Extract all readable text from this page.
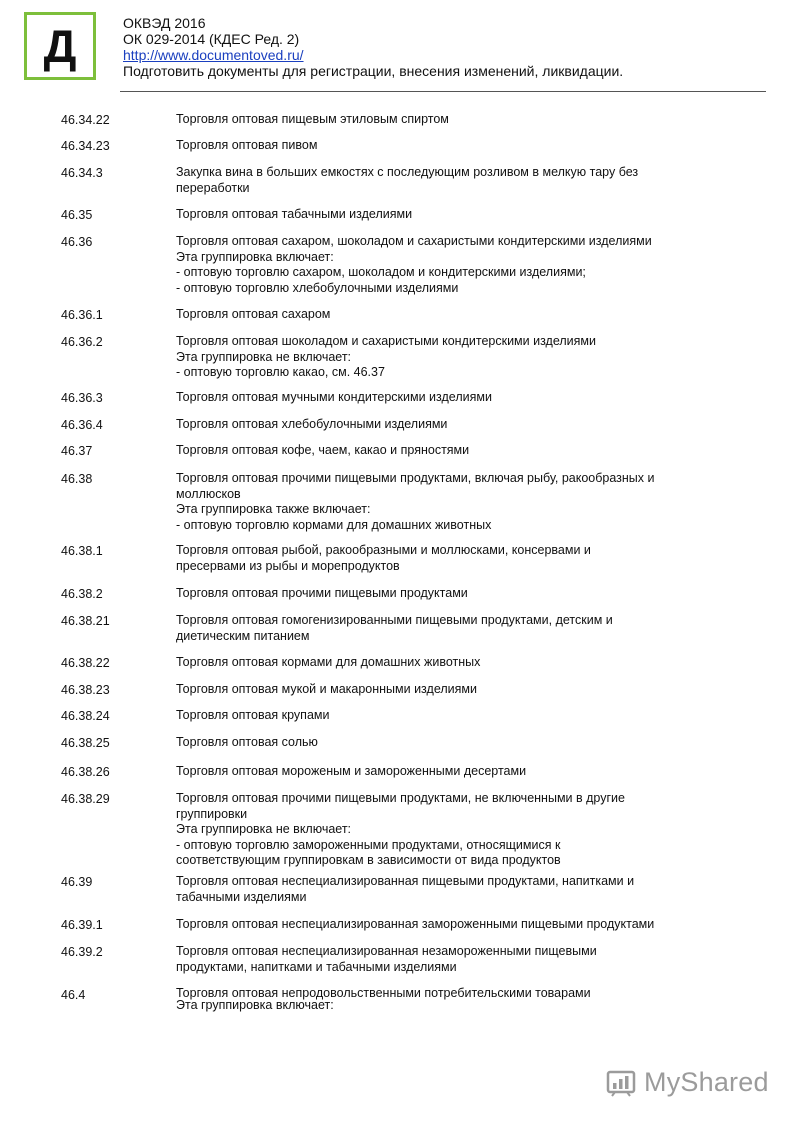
Д	ОКВЭД 2016
ОК 029-2014 (КДЕС Ред. 2)
http://www.documentoved.ru/
Подготовить документы для регистрации, внесения изменений, ликвидации.
46.34.22	Торговля оптовая пищевым этиловым спиртом
46.34.23	Торговля оптовая пивом
46.34.3	Закупка вина в больших емкостях с последующим розливом в мелкую тару без
переработки
46.35	Торговля оптовая табачными изделиями
46.36	Торговля оптовая сахаром, шоколадом и сахаристыми кондитерскими изделиями
Эта группировка включает:
- оптовую торговлю сахаром, шоколадом и кондитерскими изделиями;
- оптовую торговлю хлебобулочными изделиями
46.36.1	Торговля оптовая сахаром
46.36.2	Торговля оптовая шоколадом и сахаристыми кондитерскими изделиями
Эта группировка не включает:
- оптовую торговлю какао, см. 46.37
46.36.3	Торговля оптовая мучными кондитерскими изделиями
46.36.4	Торговля оптовая хлебобулочными изделиями
46.37	Торговля оптовая кофе, чаем, какао и пряностями
46.38	Торговля оптовая прочими пищевыми продуктами, включая рыбу, ракообразных и
моллюсков
Эта группировка также включает:
- оптовую торговлю кормами для домашних животных
46.38.1	Торговля оптовая рыбой, ракообразными и моллюсками, консервами и
пресервами из рыбы и морепродуктов
46.38.2	Торговля оптовая прочими пищевыми продуктами
46.38.21	Торговля оптовая гомогенизированными пищевыми продуктами, детским и
диетическим питанием
46.38.22	Торговля оптовая кормами для домашних животных
46.38.23	Торговля оптовая мукой и макаронными изделиями
46.38.24	Торговля оптовая крупами
46.38.25	Торговля оптовая солью
46.38.26	Торговля оптовая мороженым и замороженными десертами
46.38.29	Торговля оптовая прочими пищевыми продуктами, не включенными в другие
группировки
Эта группировка не включает:
- оптовую торговлю замороженными продуктами, относящимися к
соответствующим группировкам в зависимости от вида продуктов
46.39	Торговля оптовая неспециализированная пищевыми продуктами, напитками и
табачными изделиями
46.39.1	Торговля оптовая неспециализированная замороженными пищевыми продуктами
46.39.2	Торговля оптовая неспециализированная незамороженными пищевыми
продуктами, напитками и табачными изделиями
46.4	Торговля оптовая непродовольственными потребительскими товарами
Эта группировка включает:
MyShared
